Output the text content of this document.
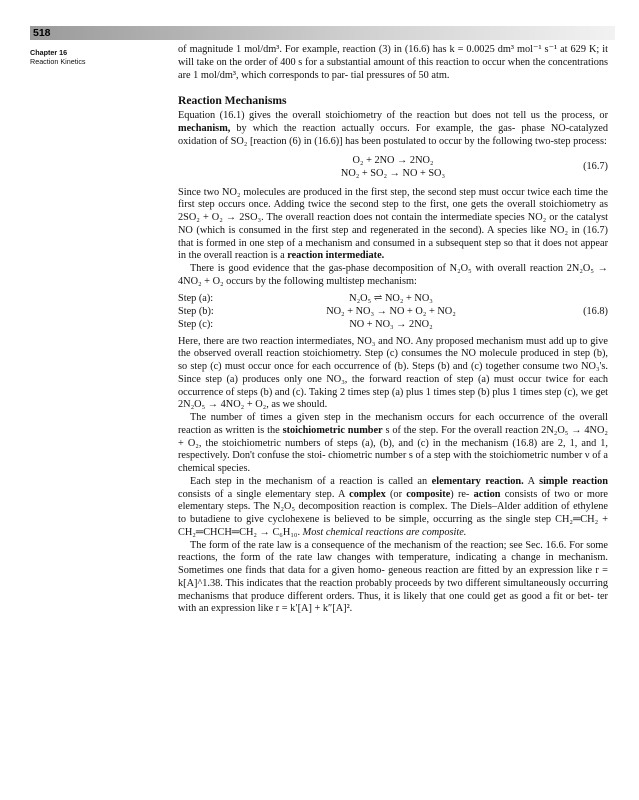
518
Chapter 16
Reaction Kinetics

of magnitude 1 mol/dm³. For example, reaction (3) in (16.6) has k = 0.0025 dm³ mol⁻¹ s⁻¹ at 629 K; it will take on the order of 400 s for a substantial amount of this reaction to occur when the concentrations are 1 mol/dm³, which corresponds to par- tial pressures of 50 atm.

Reaction Mechanisms

Equation (16.1) gives the overall stoichiometry of the reaction but does not tell us the process, or mechanism, by which the reaction actually occurs. For example, the gas- phase NO-catalyzed oxidation of SO₂ [reaction (6) in (16.6)] has been postulated to occur by the following two-step process:

O₂ + 2NO → 2NO₂
NO₂ + SO₂ → NO + SO₃
(16.7)

Since two NO₂ molecules are produced in the first step, the second step must occur twice each time the first step occurs once. Adding twice the second step to the first, one gets the overall stoichiometry as 2SO₂ + O₂ → 2SO₃. The overall reaction does not contain the intermediate species NO₂ or the catalyst NO (which is consumed in the first step and regenerated in the second). A species like NO₂ in (16.7) that is formed in one step of a mechanism and consumed in a subsequent step so that it does not appear in the overall reaction is a reaction intermediate.

There is good evidence that the gas-phase decomposition of N₂O₅ with overall reaction 2N₂O₅ → 4NO₂ + O₂ occurs by the following multistep mechanism:

Step (a):	N₂O₅ ⇌ NO₂ + NO₃
Step (b):	NO₂ + NO₃ → NO + O₂ + NO₂	(16.8)
Step (c):	NO + NO₃ → 2NO₂

Here, there are two reaction intermediates, NO₃ and NO. Any proposed mechanism must add up to give the observed overall reaction stoichiometry. Step (c) consumes the NO molecule produced in step (b), so step (c) must occur once for each occurrence of (b). Steps (b) and (c) together consume two NO₃'s. Since step (a) produces only one NO₃, the forward reaction of step (a) must occur twice for each occurrence of steps (b) and (c). Taking 2 times step (a) plus 1 times step (b) plus 1 times step (c), we get 2N₂O₅ → 4NO₂ + O₂, as we should.

The number of times a given step in the mechanism occurs for each occurrence of the overall reaction as written is the stoichiometric number s of the step. For the overall reaction 2N₂O₅ → 4NO₂ + O₂, the stoichiometric numbers of steps (a), (b), and (c) in the mechanism (16.8) are 2, 1, and 1, respectively. Don't confuse the stoi- chiometric number s of a step with the stoichiometric number ν of a chemical species.

Each step in the mechanism of a reaction is called an elementary reaction. A simple reaction consists of a single elementary step. A complex (or composite) re- action consists of two or more elementary steps. The N₂O₅ decomposition reaction is complex. The Diels–Alder addition of ethylene to butadiene to give cyclohexene is believed to be simple, occurring as the single step CH₂═CH₂ + CH₂═CHCH═CH₂ → C₆H₁₀. Most chemical reactions are composite.

The form of the rate law is a consequence of the mechanism of the reaction; see Sec. 16.6. For some reactions, the form of the rate law changes with temperature, indicating a change in mechanism. Sometimes one finds that data for a given homo- geneous reaction are fitted by an expression like r = k[A]^1.38. This indicates that the reaction probably proceeds by two different simultaneously occurring mechanisms that produce different orders. Thus, it is likely that one could get as good a fit or bet- ter with an expression like r = k′[A] + k″[A]².
